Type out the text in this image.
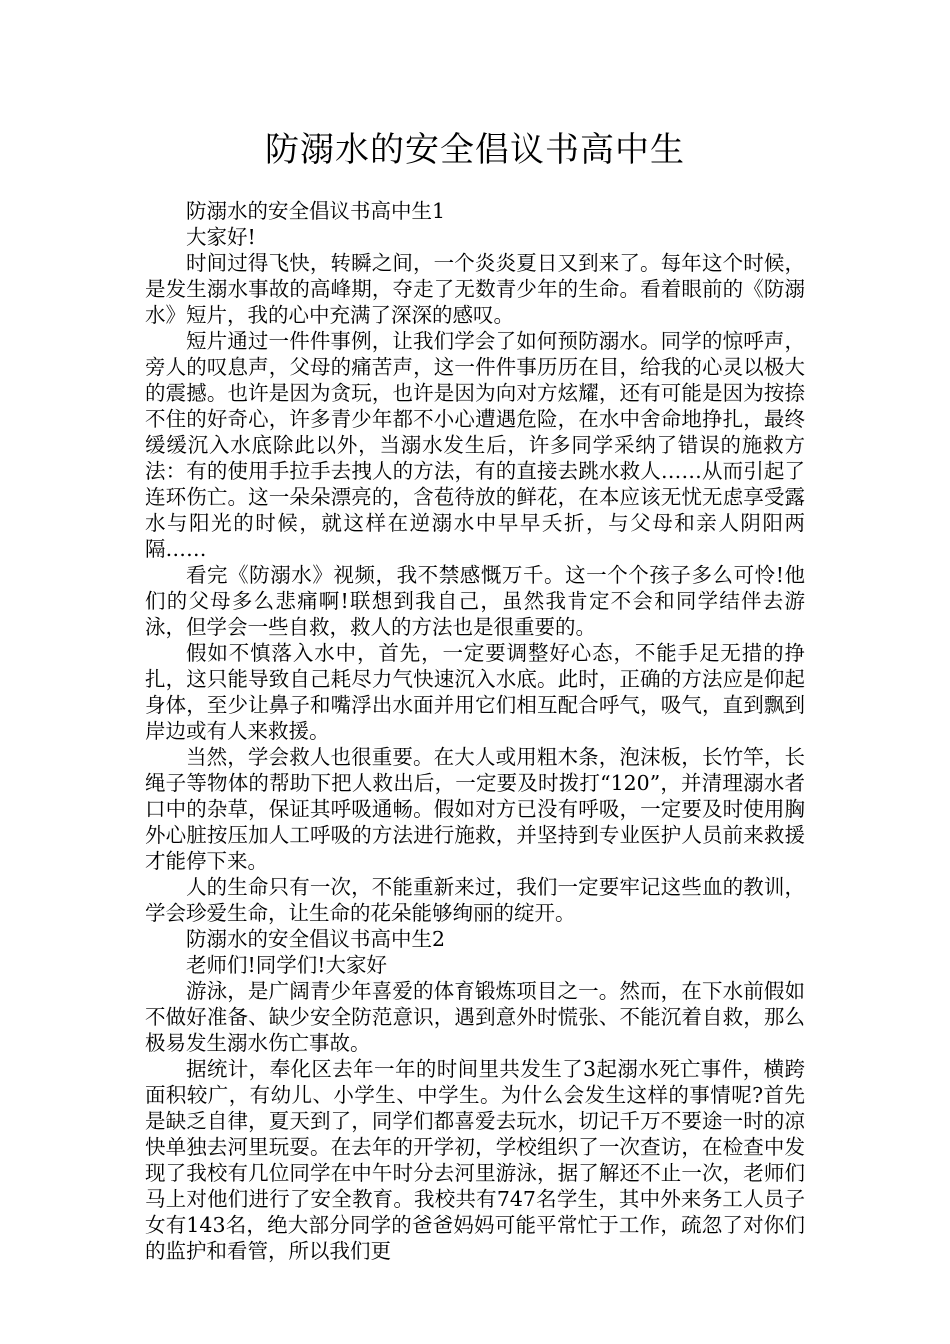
防溺水的安全倡议书高中生

防溺水的安全倡议书高中生1

大家好!

时间过得飞快，转瞬之间，一个炎炎夏日又到来了。每年这个时候，是发生溺水事故的高峰期，夺走了无数青少年的生命。看着眼前的《防溺水》短片，我的心中充满了深深的感叹。

短片通过一件件事例，让我们学会了如何预防溺水。同学的惊呼声，旁人的叹息声，父母的痛苦声，这一件件事历历在目，给我的心灵以极大的震撼。也许是因为贪玩，也许是因为向对方炫耀，还有可能是因为按捺不住的好奇心，许多青少年都不小心遭遇危险，在水中舍命地挣扎，最终缓缓沉入水底除此以外，当溺水发生后，许多同学采纳了错误的施救方法：有的使用手拉手去拽人的方法，有的直接去跳水救人……从而引起了连环伤亡。这一朵朵漂亮的，含苞待放的鲜花，在本应该无忧无虑享受露水与阳光的时候，就这样在逆溺水中早早夭折，与父母和亲人阴阳两隔……

看完《防溺水》视频，我不禁感慨万千。这一个个孩子多么可怜!他们的父母多么悲痛啊!联想到我自己，虽然我肯定不会和同学结伴去游泳，但学会一些自救，救人的方法也是很重要的。

假如不慎落入水中，首先，一定要调整好心态，不能手足无措的挣扎，这只能导致自己耗尽力气快速沉入水底。此时，正确的方法应是仰起身体，至少让鼻子和嘴浮出水面并用它们相互配合呼气，吸气，直到飘到岸边或有人来救援。

当然，学会救人也很重要。在大人或用粗木条，泡沫板，长竹竿，长绳子等物体的帮助下把人救出后，一定要及时拨打“120”，并清理溺水者口中的杂草，保证其呼吸通畅。假如对方已没有呼吸，一定要及时使用胸外心脏按压加人工呼吸的方法进行施救，并坚持到专业医护人员前来救援才能停下来。

人的生命只有一次，不能重新来过，我们一定要牢记这些血的教训，学会珍爱生命，让生命的花朵能够绚丽的绽开。

防溺水的安全倡议书高中生2

老师们!同学们!大家好

游泳，是广阔青少年喜爱的体育锻炼项目之一。然而，在下水前假如不做好准备、缺少安全防范意识，遇到意外时慌张、不能沉着自救，那么极易发生溺水伤亡事故。

据统计，奉化区去年一年的时间里共发生了3起溺水死亡事件，横跨面积较广，有幼儿、小学生、中学生。为什么会发生这样的事情呢?首先是缺乏自律，夏天到了，同学们都喜爱去玩水，切记千万不要途一时的凉快单独去河里玩耍。在去年的开学初，学校组织了一次查访，在检查中发现了我校有几位同学在中午时分去河里游泳，据了解还不止一次，老师们马上对他们进行了安全教育。我校共有747名学生，其中外来务工人员子女有143名，绝大部分同学的爸爸妈妈可能平常忙于工作，疏忽了对你们的监护和看管，所以我们更
